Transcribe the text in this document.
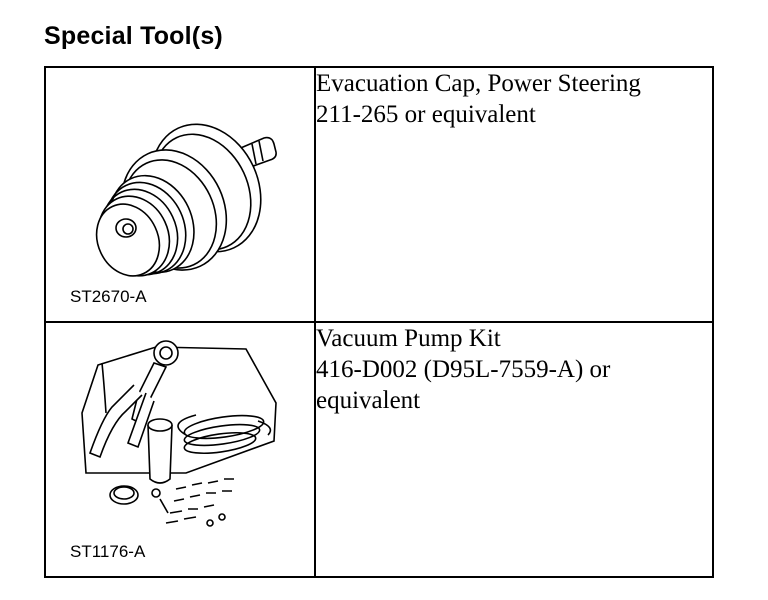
Special Tool(s)
ST2670-A	Evacuation Cap, Power Steering
211-265 or equivalent

ST1176-A	Vacuum Pump Kit
416-D002 (D95L-7559-A) or
equivalent
